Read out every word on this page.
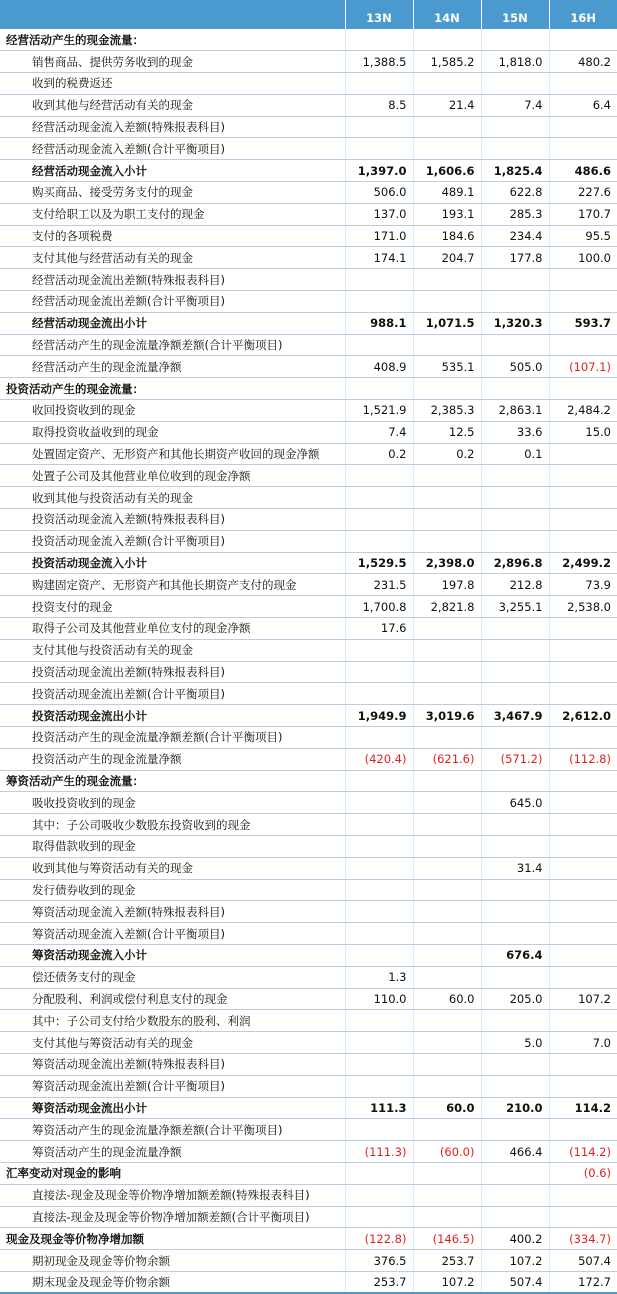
	13N	14N	15N	16H
经营活动产生的现金流量：				
销售商品、提供劳务收到的现金	1,388.5	1,585.2	1,818.0	480.2
收到的税费返还				
收到其他与经营活动有关的现金	8.5	21.4	7.4	6.4
经营活动现金流入差额(特殊报表科目)				
经营活动现金流入差额(合计平衡项目)				
经营活动现金流入小计	1,397.0	1,606.6	1,825.4	486.6
购买商品、接受劳务支付的现金	506.0	489.1	622.8	227.6
支付给职工以及为职工支付的现金	137.0	193.1	285.3	170.7
支付的各项税费	171.0	184.6	234.4	95.5
支付其他与经营活动有关的现金	174.1	204.7	177.8	100.0
经营活动现金流出差额(特殊报表科目)				
经营活动现金流出差额(合计平衡项目)				
经营活动现金流出小计	988.1	1,071.5	1,320.3	593.7
经营活动产生的现金流量净额差额(合计平衡项目)				
经营活动产生的现金流量净额	408.9	535.1	505.0	(107.1)
投资活动产生的现金流量：				
收回投资收到的现金	1,521.9	2,385.3	2,863.1	2,484.2
取得投资收益收到的现金	7.4	12.5	33.6	15.0
处置固定资产、无形资产和其他长期资产收回的现金净额	0.2	0.2	0.1	
处置子公司及其他营业单位收到的现金净额				
收到其他与投资活动有关的现金				
投资活动现金流入差额(特殊报表科目)				
投资活动现金流入差额(合计平衡项目)				
投资活动现金流入小计	1,529.5	2,398.0	2,896.8	2,499.2
购建固定资产、无形资产和其他长期资产支付的现金	231.5	197.8	212.8	73.9
投资支付的现金	1,700.8	2,821.8	3,255.1	2,538.0
取得子公司及其他营业单位支付的现金净额	17.6			
支付其他与投资活动有关的现金				
投资活动现金流出差额(特殊报表科目)				
投资活动现金流出差额(合计平衡项目)				
投资活动现金流出小计	1,949.9	3,019.6	3,467.9	2,612.0
投资活动产生的现金流量净额差额(合计平衡项目)				
投资活动产生的现金流量净额	(420.4)	(621.6)	(571.2)	(112.8)
筹资活动产生的现金流量：				
吸收投资收到的现金			645.0	
其中：子公司吸收少数股东投资收到的现金				
取得借款收到的现金				
收到其他与筹资活动有关的现金			31.4	
发行债券收到的现金				
筹资活动现金流入差额(特殊报表科目)				
筹资活动现金流入差额(合计平衡项目)				
筹资活动现金流入小计			676.4	
偿还债务支付的现金	1.3			
分配股利、利润或偿付利息支付的现金	110.0	60.0	205.0	107.2
其中：子公司支付给少数股东的股利、利润				
支付其他与筹资活动有关的现金			5.0	7.0
筹资活动现金流出差额(特殊报表科目)				
筹资活动现金流出差额(合计平衡项目)				
筹资活动现金流出小计	111.3	60.0	210.0	114.2
筹资活动产生的现金流量净额差额(合计平衡项目)				
筹资活动产生的现金流量净额	(111.3)	(60.0)	466.4	(114.2)
汇率变动对现金的影响				(0.6)
直接法-现金及现金等价物净增加额差额(特殊报表科目)				
直接法-现金及现金等价物净增加额差额(合计平衡项目)				
现金及现金等价物净增加额	(122.8)	(146.5)	400.2	(334.7)
期初现金及现金等价物余额	376.5	253.7	107.2	507.4
期末现金及现金等价物余额	253.7	107.2	507.4	172.7
